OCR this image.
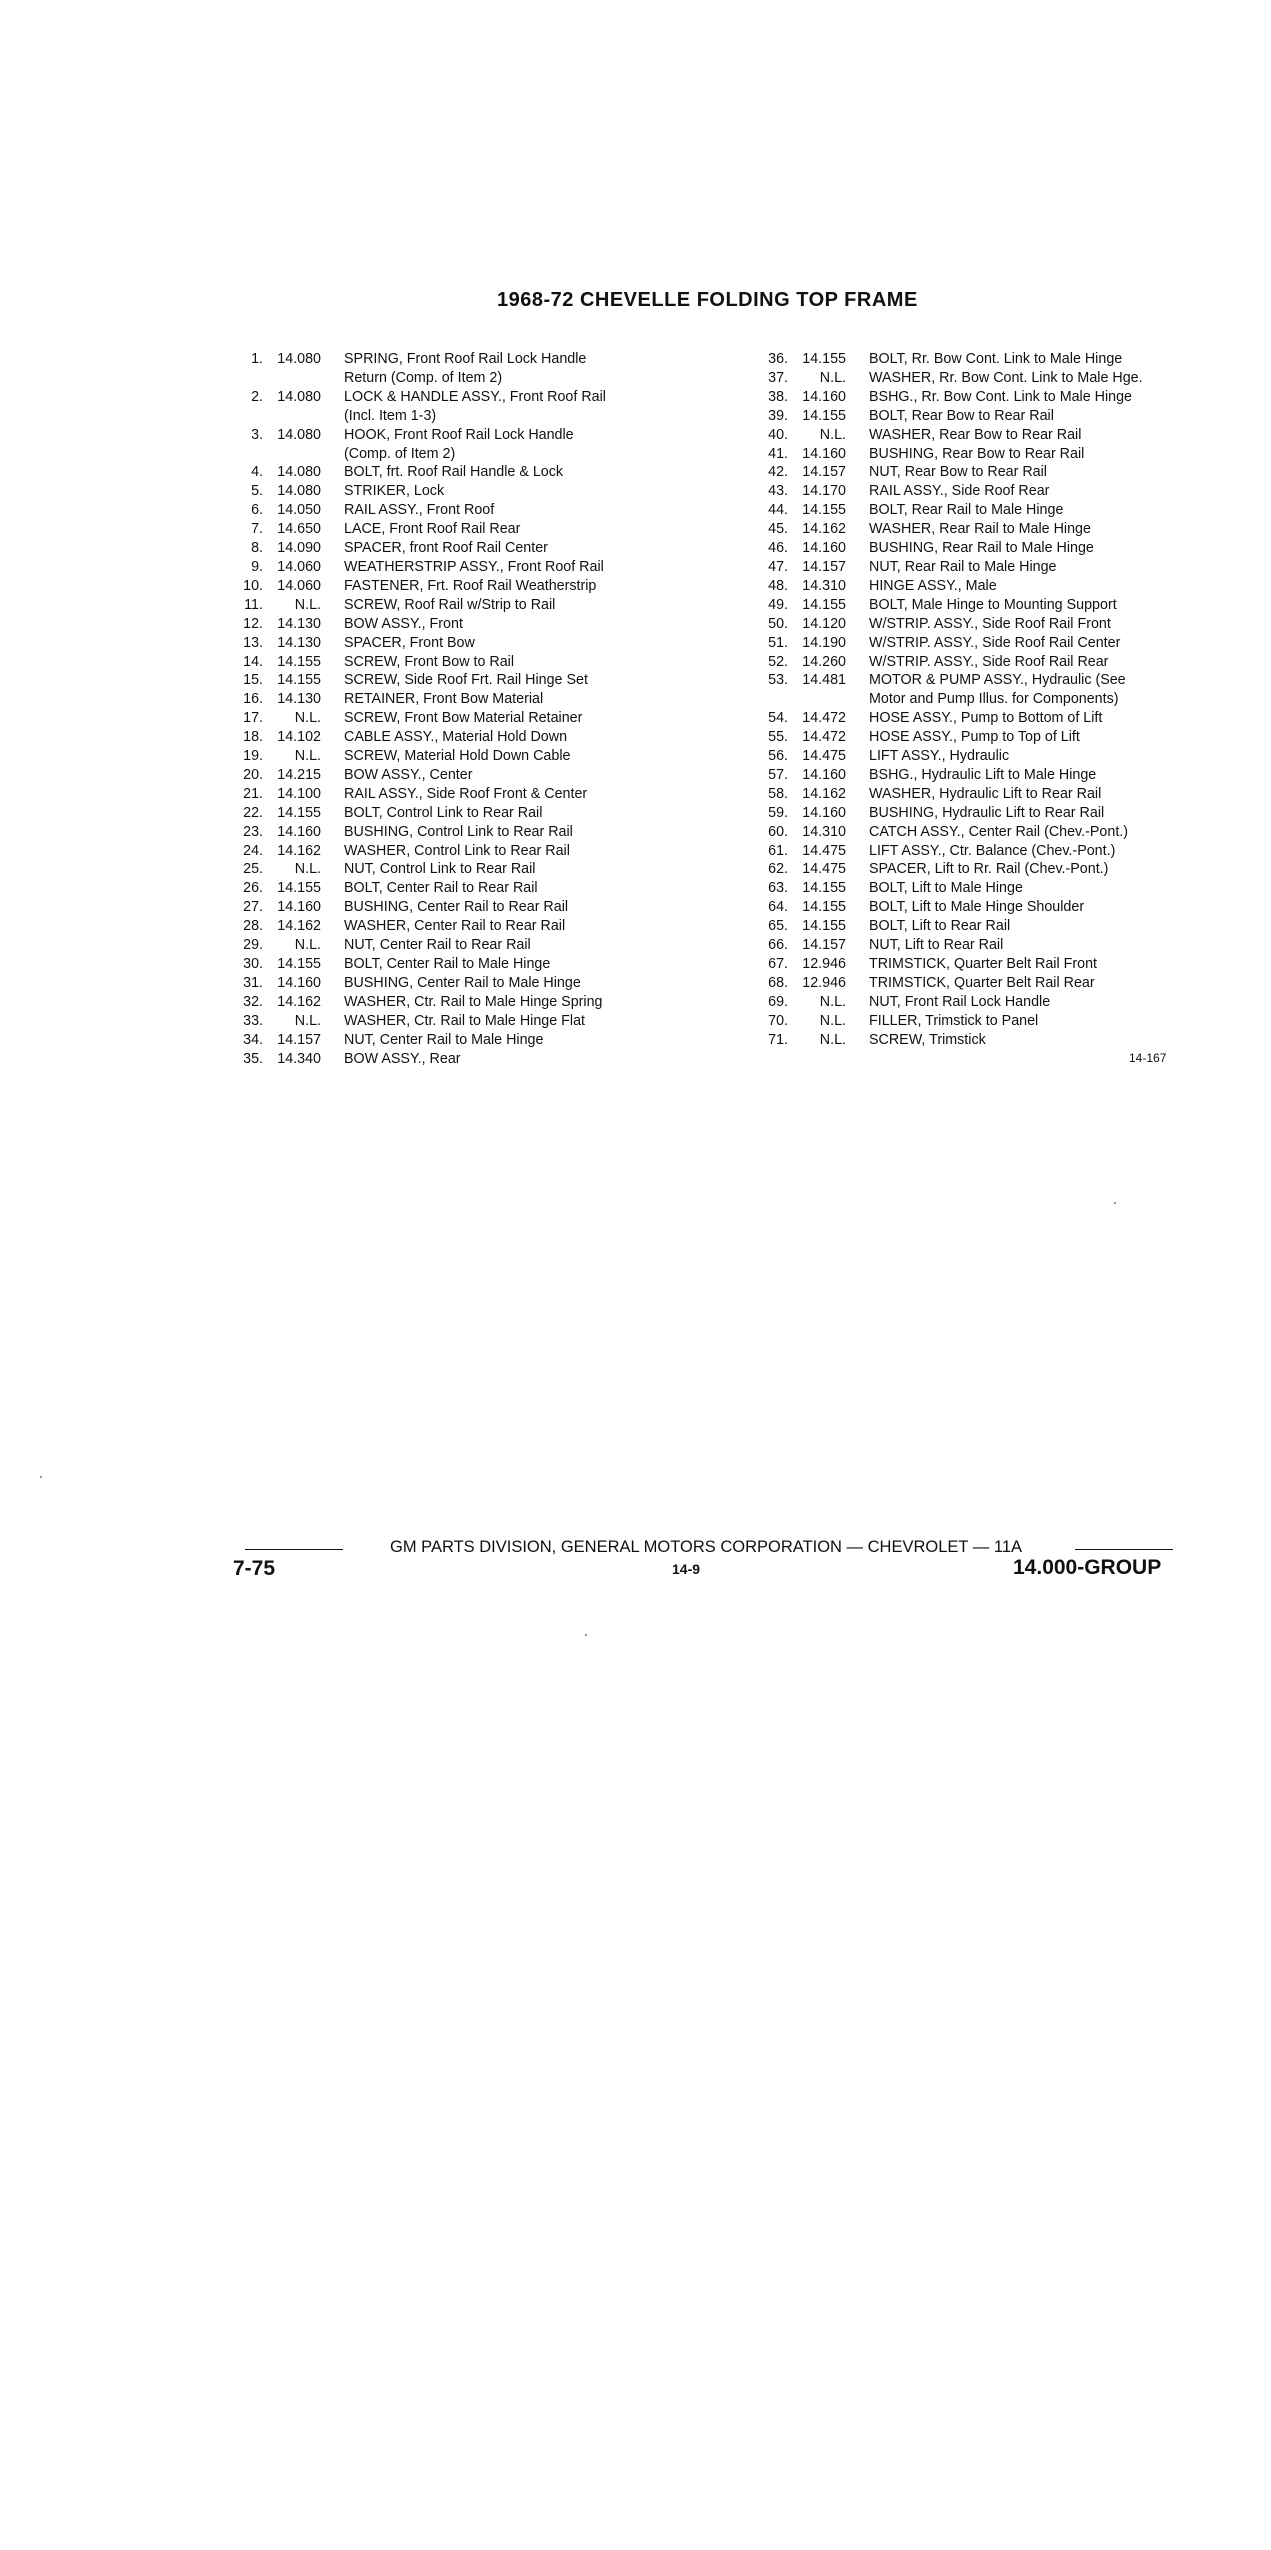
1968-72 CHEVELLE FOLDING TOP FRAME
1. 14.080	SPRING, Front Roof Rail Lock Handle
Return (Comp. of Item 2)
2. 14.080	LOCK & HANDLE ASSY., Front Roof Rail
(Incl. Item 1-3)
3. 14.080	HOOK, Front Roof Rail Lock Handle
(Comp. of Item 2)
4. 14.080	BOLT, frt. Roof Rail Handle & Lock
5. 14.080	STRIKER, Lock
6. 14.050	RAIL ASSY., Front Roof
7. 14.650	LACE, Front Roof Rail Rear
8. 14.090	SPACER, front Roof Rail Center
9. 14.060	WEATHERSTRIP ASSY., Front Roof Rail
10. 14.060	FASTENER, Frt. Roof Rail Weatherstrip
11.	N.L.	SCREW, Roof Rail w/Strip to Rail
12. 14.130	BOW ASSY., Front
13. 14.130	SPACER, Front Bow
14. 14.155	SCREW, Front Bow to Rail
15. 14.155	SCREW, Side Roof Frt. Rail Hinge Set
16. 14.130	RETAINER, Front Bow Material
17.	N.L.	SCREW, Front Bow Material Retainer
18. 14.102	CABLE ASSY., Material Hold Down
19.	N.L.	SCREW, Material Hold Down Cable
20. 14.215	BOW ASSY., Center
21. 14.100	RAIL ASSY., Side Roof Front & Center
22. 14.155	BOLT, Control Link to Rear Rail
23. 14.160	BUSHING, Control Link to Rear Rail
24. 14.162	WASHER, Control Link to Rear Rail
25.	N.L.	NUT, Control Link to Rear Rail
26. 14.155	BOLT, Center Rail to Rear Rail
27. 14.160	BUSHING, Center Rail to Rear Rail
28. 14.162	WASHER, Center Rail to Rear Rail
29.	N.L.	NUT, Center Rail to Rear Rail
30. 14.155	BOLT, Center Rail to Male Hinge
31. 14.160	BUSHING, Center Rail to Male Hinge
32. 14.162	WASHER, Ctr. Rail to Male Hinge Spring
33.	N.L.	WASHER, Ctr. Rail to Male Hinge Flat
34. 14.157	NUT, Center Rail to Male Hinge
35. 14.340	BOW ASSY., Rear
36. 14.155	BOLT, Rr. Bow Cont. Link to Male Hinge
37.	N.L.	WASHER, Rr. Bow Cont. Link to Male Hge.
38. 14.160	BSHG., Rr. Bow Cont. Link to Male Hinge
39. 14.155	BOLT, Rear Bow to Rear Rail
40.	N.L.	WASHER, Rear Bow to Rear Rail
41. 14.160	BUSHING, Rear Bow to Rear Rail
42. 14.157	NUT, Rear Bow to Rear Rail
43. 14.170	RAIL ASSY., Side Roof Rear
44. 14.155	BOLT, Rear Rail to Male Hinge
45. 14.162	WASHER, Rear Rail to Male Hinge
46. 14.160	BUSHING, Rear Rail to Male Hinge
47. 14.157	NUT, Rear Rail to Male Hinge
48. 14.310	HINGE ASSY., Male
49. 14.155	BOLT, Male Hinge to Mounting Support
50. 14.120	W/STRIP. ASSY., Side Roof Rail Front
51. 14.190	W/STRIP. ASSY., Side Roof Rail Center
52. 14.260	W/STRIP. ASSY., Side Roof Rail Rear
53. 14.481	MOTOR & PUMP ASSY., Hydraulic (See
Motor and Pump Illus. for Components)
54. 14.472	HOSE ASSY., Pump to Bottom of Lift
55. 14.472	HOSE ASSY., Pump to Top of Lift
56. 14.475	LIFT ASSY., Hydraulic
57. 14.160	BSHG., Hydraulic Lift to Male Hinge
58. 14.162	WASHER, Hydraulic Lift to Rear Rail
59. 14.160	BUSHING, Hydraulic Lift to Rear Rail
60. 14.310	CATCH ASSY., Center Rail (Chev.-Pont.)
61. 14.475	LIFT ASSY., Ctr. Balance (Chev.-Pont.)
62. 14.475	SPACER, Lift to Rr. Rail (Chev.-Pont.)
63. 14.155	BOLT, Lift to Male Hinge
64. 14.155	BOLT, Lift to Male Hinge Shoulder
65. 14.155	BOLT, Lift to Rear Rail
66. 14.157	NUT, Lift to Rear Rail
67. 12.946	TRIMSTICK, Quarter Belt Rail Front
68. 12.946	TRIMSTICK, Quarter Belt Rail Rear
69.	N.L.	NUT, Front Rail Lock Handle
70.	N.L.	FILLER, Trimstick to Panel
71.	N.L.	SCREW, Trimstick
14-167
GM PARTS DIVISION, GENERAL MOTORS CORPORATION — CHEVROLET — 11A
7-75	14-9	14.000-GROUP
